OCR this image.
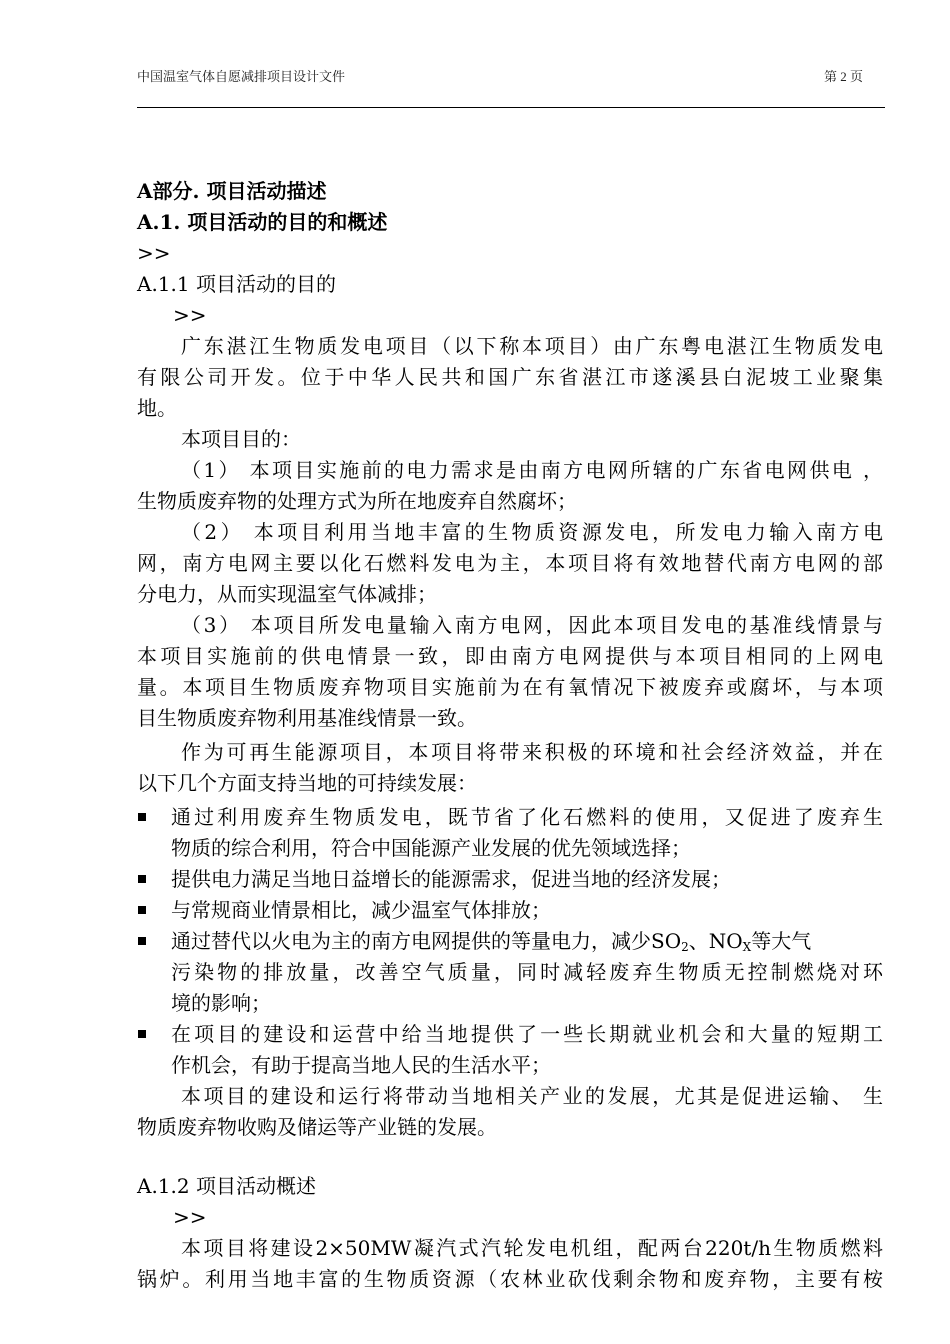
中国温室气体自愿减排项目设计文件	第 2 页
A部分. 项目活动描述
A.1. 项目活动的目的和概述
>>
A.1.1 项目活动的目的
>>
广东湛江生物质发电项目（以下称本项目）由广东粤电湛江生物质发电
有限公司开发。位于中华人民共和国广东省湛江市遂溪县白泥坡工业聚集
地。
本项目目的：
（1） 本项目实施前的电力需求是由南方电网所辖的广东省电网供电 ，
生物质废弃物的处理方式为所在地废弃自然腐坏；
（2） 本项目利用当地丰富的生物质资源发电，所发电力输入南方电
网，南方电网主要以化石燃料发电为主，本项目将有效地替代南方电网的部
分电力，从而实现温室气体减排；
（3） 本项目所发电量输入南方电网，因此本项目发电的基准线情景与
本项目实施前的供电情景一致，即由南方电网提供与本项目相同的上网电
量。本项目生物质废弃物项目实施前为在有氧情况下被废弃或腐坏，与本项
目生物质废弃物利用基准线情景一致。
作为可再生能源项目，本项目将带来积极的环境和社会经济效益，并在
以下几个方面支持当地的可持续发展：
通过利用废弃生物质发电，既节省了化石燃料的使用，又促进了废弃生
物质的综合利用，符合中国能源产业发展的优先领域选择；
提供电力满足当地日益增长的能源需求，促进当地的经济发展；
与常规商业情景相比，减少温室气体排放；
通过替代以火电为主的南方电网提供的等量电力，减少$SO_2$、$NO_X$等大气
污染物的排放量，改善空气质量，同时减轻废弃生物质无控制燃烧对环
境的影响；
在项目的建设和运营中给当地提供了一些长期就业机会和大量的短期工
作机会，有助于提高当地人民的生活水平；
本项目的建设和运行将带动当地相关产业的发展，尤其是促进运输、 生
物质废弃物收购及储运等产业链的发展。
A.1.2 项目活动概述
>>
本项目将建设2×50MW凝汽式汽轮发电机组，配两台220t/h生物质燃料
锅炉。利用当地丰富的生物质资源（农林业砍伐剩余物和废弃物，主要有桉
